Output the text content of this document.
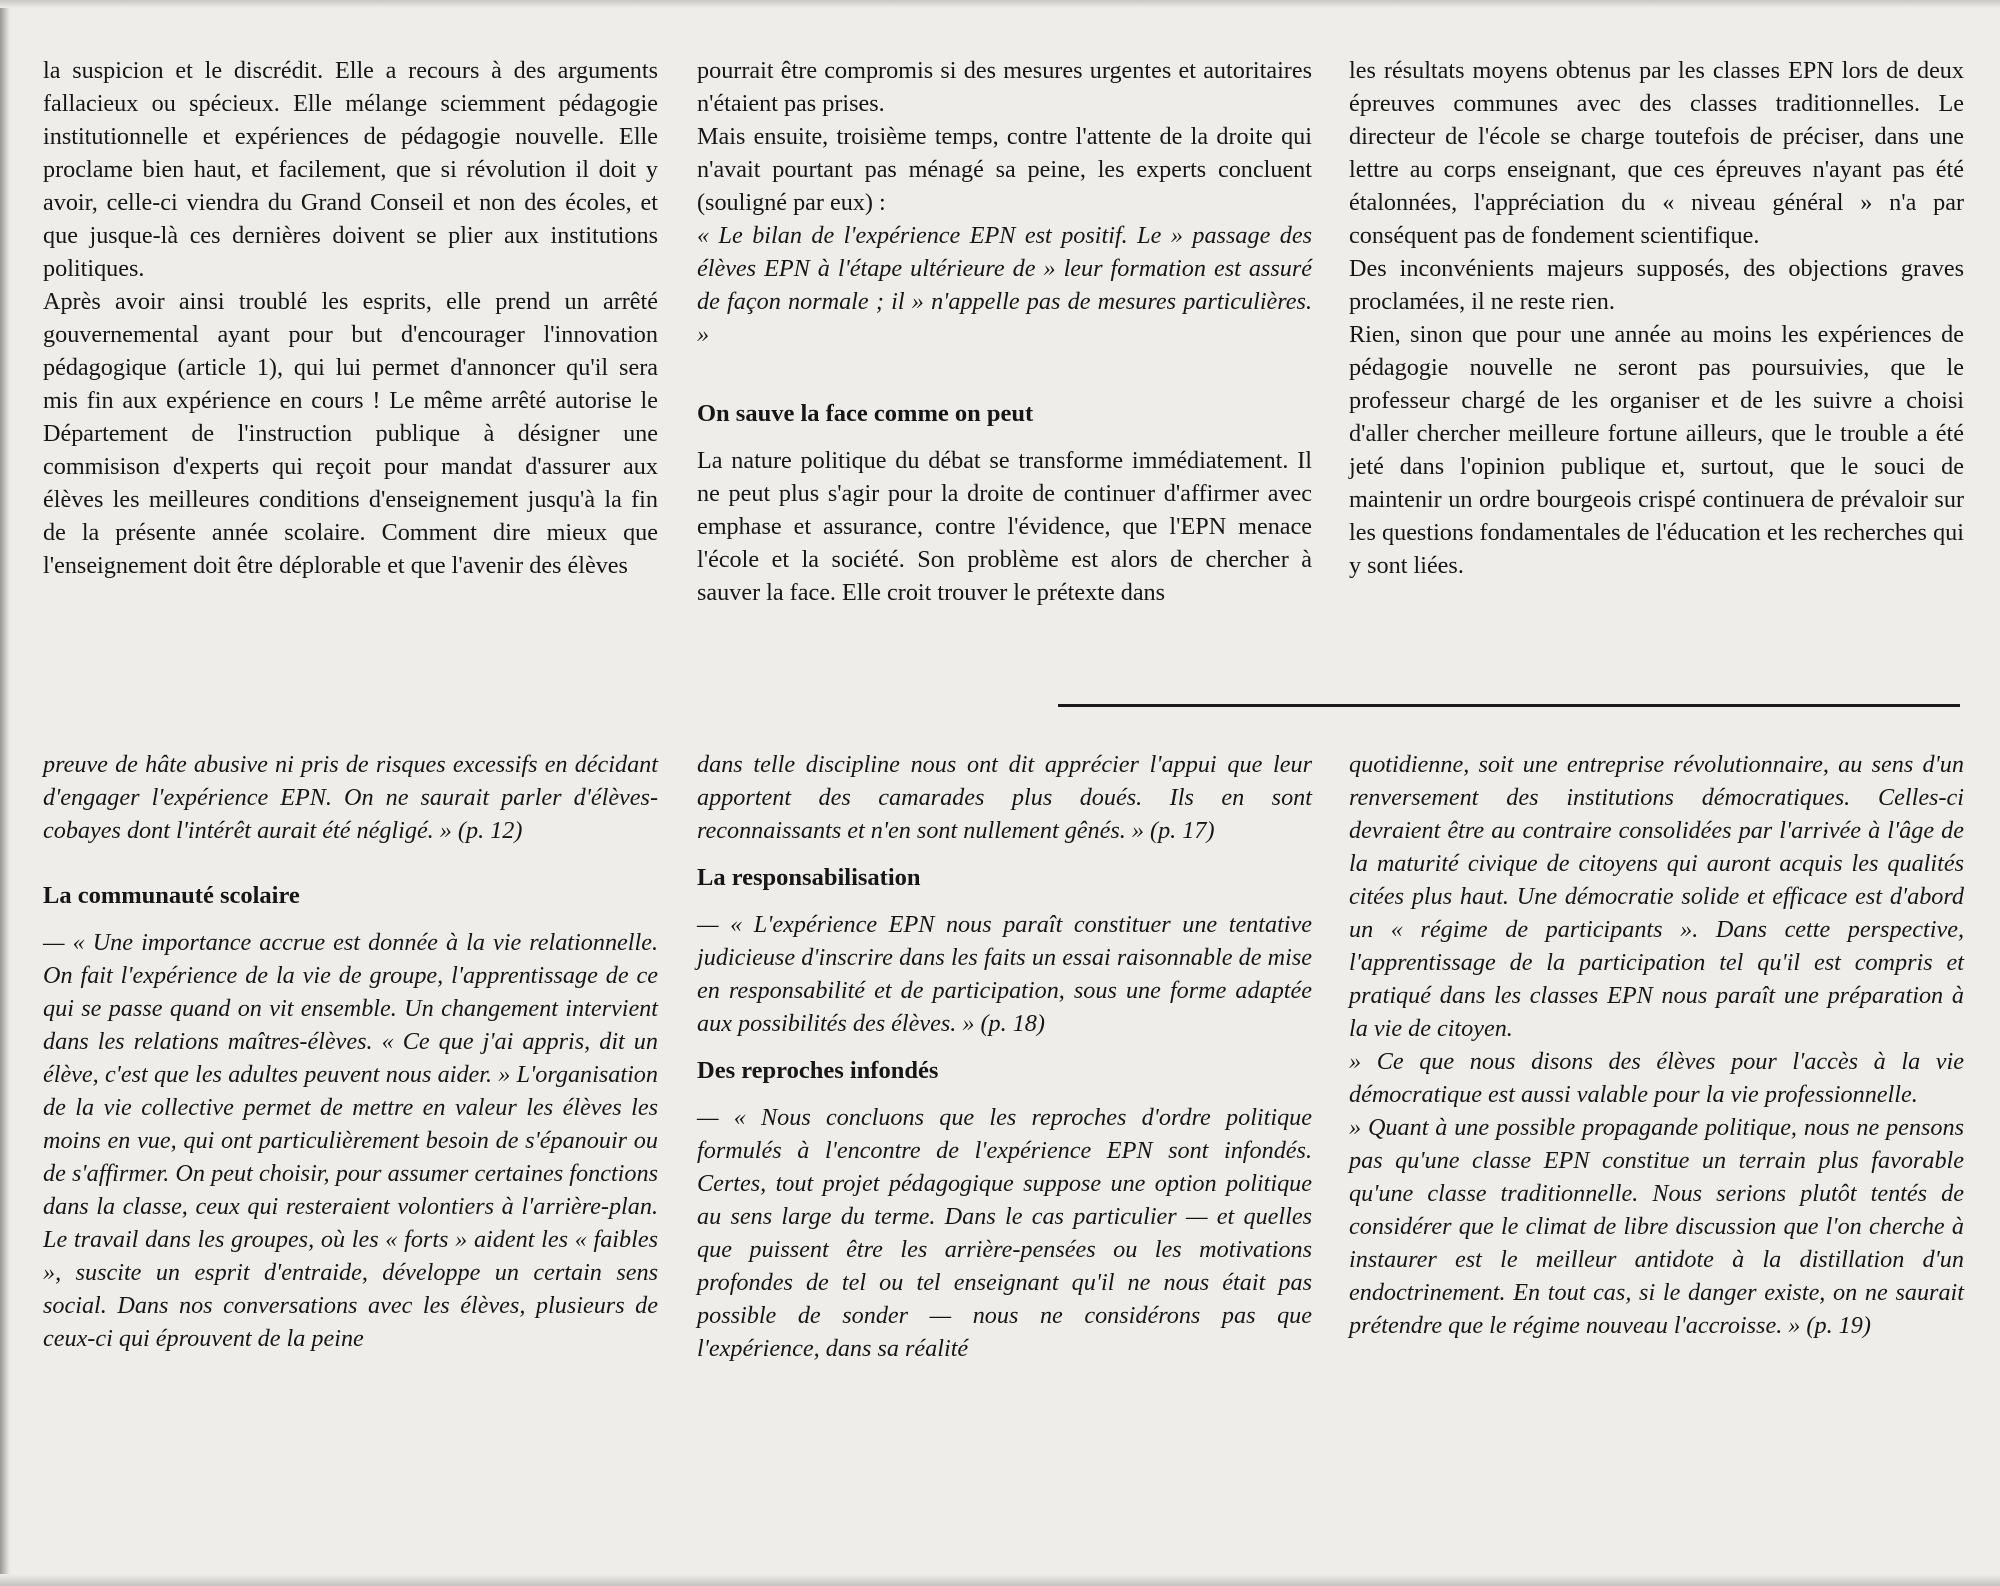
la suspicion et le discrédit. Elle a recours à des arguments fallacieux ou spécieux. Elle mélange sciemment pédagogie institutionnelle et expériences de pédagogie nouvelle. Elle proclame bien haut, et facilement, que si révolution il doit y avoir, celle-ci viendra du Grand Conseil et non des écoles, et que jusque-là ces dernières doivent se plier aux institutions politiques.

Après avoir ainsi troublé les esprits, elle prend un arrêté gouvernemental ayant pour but d'encourager l'innovation pédagogique (article 1), qui lui permet d'annoncer qu'il sera mis fin aux expérience en cours ! Le même arrêté autorise le Département de l'instruction publique à désigner une commisison d'experts qui reçoit pour mandat d'assurer aux élèves les meilleures conditions d'enseignement jusqu'à la fin de la présente année scolaire. Comment dire mieux que l'enseignement doit être déplorable et que l'avenir des élèves

pourrait être compromis si des mesures urgentes et autoritaires n'étaient pas prises.

Mais ensuite, troisième temps, contre l'attente de la droite qui n'avait pourtant pas ménagé sa peine, les experts concluent (souligné par eux) :

« Le bilan de l'expérience EPN est positif. Le » passage des élèves EPN à l'étape ultérieure de » leur formation est assuré de façon normale ; il » n'appelle pas de mesures particulières. »

On sauve la face comme on peut

La nature politique du débat se transforme immédiatement. Il ne peut plus s'agir pour la droite de continuer d'affirmer avec emphase et assurance, contre l'évidence, que l'EPN menace l'école et la société. Son problème est alors de chercher à sauver la face. Elle croit trouver le prétexte dans

les résultats moyens obtenus par les classes EPN lors de deux épreuves communes avec des classes traditionnelles. Le directeur de l'école se charge toutefois de préciser, dans une lettre au corps enseignant, que ces épreuves n'ayant pas été étalonnées, l'appréciation du « niveau général » n'a par conséquent pas de fondement scientifique.

Des inconvénients majeurs supposés, des objections graves proclamées, il ne reste rien.

Rien, sinon que pour une année au moins les expériences de pédagogie nouvelle ne seront pas poursuivies, que le professeur chargé de les organiser et de les suivre a choisi d'aller chercher meilleure fortune ailleurs, que le trouble a été jeté dans l'opinion publique et, surtout, que le souci de maintenir un ordre bourgeois crispé continuera de prévaloir sur les questions fondamentales de l'éducation et les recherches qui y sont liées.

preuve de hâte abusive ni pris de risques excessifs en décidant d'engager l'expérience EPN. On ne saurait parler d'élèves-cobayes dont l'intérêt aurait été négligé. » (p. 12)

La communauté scolaire

— « Une importance accrue est donnée à la vie relationnelle. On fait l'expérience de la vie de groupe, l'apprentissage de ce qui se passe quand on vit ensemble. Un changement intervient dans les relations maîtres-élèves. « Ce que j'ai appris, dit un élève, c'est que les adultes peuvent nous aider. » L'organisation de la vie collective permet de mettre en valeur les élèves les moins en vue, qui ont particulièrement besoin de s'épanouir ou de s'affirmer. On peut choisir, pour assumer certaines fonctions dans la classe, ceux qui resteraient volontiers à l'arrière-plan. Le travail dans les groupes, où les « forts » aident les « faibles », suscite un esprit d'entraide, développe un certain sens social. Dans nos conversations avec les élèves, plusieurs de ceux-ci qui éprouvent de la peine

dans telle discipline nous ont dit apprécier l'appui que leur apportent des camarades plus doués. Ils en sont reconnaissants et n'en sont nullement gênés. » (p. 17)

La responsabilisation

— « L'expérience EPN nous paraît constituer une tentative judicieuse d'inscrire dans les faits un essai raisonnable de mise en responsabilité et de participation, sous une forme adaptée aux possibilités des élèves. » (p. 18)

Des reproches infondés

— « Nous concluons que les reproches d'ordre politique formulés à l'encontre de l'expérience EPN sont infondés. Certes, tout projet pédagogique suppose une option politique au sens large du terme. Dans le cas particulier — et quelles que puissent être les arrière-pensées ou les motivations profondes de tel ou tel enseignant qu'il ne nous était pas possible de sonder — nous ne considérons pas que l'expérience, dans sa réalité

quotidienne, soit une entreprise révolutionnaire, au sens d'un renversement des institutions démocratiques. Celles-ci devraient être au contraire consolidées par l'arrivée à l'âge de la maturité civique de citoyens qui auront acquis les qualités citées plus haut. Une démocratie solide et efficace est d'abord un « régime de participants ». Dans cette perspective, l'apprentissage de la participation tel qu'il est compris et pratiqué dans les classes EPN nous paraît une préparation à la vie de citoyen.

» Ce que nous disons des élèves pour l'accès à la vie démocratique est aussi valable pour la vie professionnelle.

» Quant à une possible propagande politique, nous ne pensons pas qu'une classe EPN constitue un terrain plus favorable qu'une classe traditionnelle. Nous serions plutôt tentés de considérer que le climat de libre discussion que l'on cherche à instaurer est le meilleur antidote à la distillation d'un endoctrinement. En tout cas, si le danger existe, on ne saurait prétendre que le régime nouveau l'accroisse. » (p. 19)
